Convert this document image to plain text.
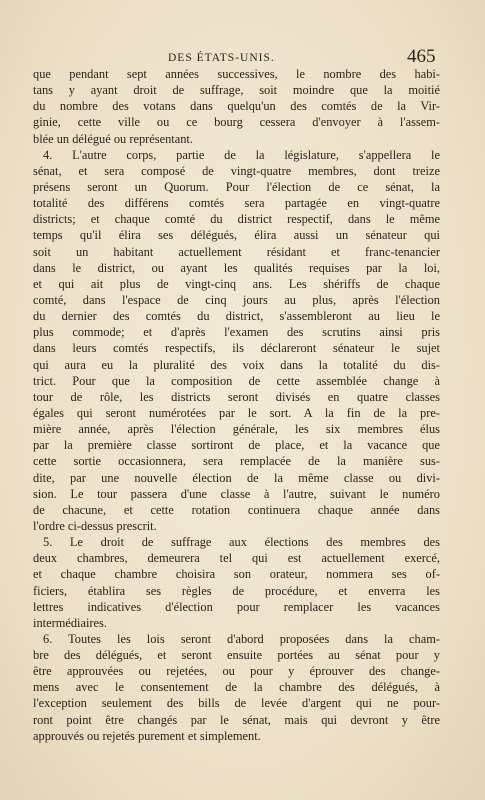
DES ÉTATS-UNIS.	465
que pendant sept années successives, le nombre des habi-
tans y ayant droit de suffrage, soit moindre que la moitié
du nombre des votans dans quelqu'un des comtés de la Vir-
ginie, cette ville ou ce bourg cessera d'envoyer à l'assem-
blée un délégué ou représentant.
4. L'autre corps, partie de la législature, s'appellera le
sénat, et sera composé de vingt-quatre membres, dont treize
présens seront un Quorum. Pour l'élection de ce sénat, la
totalité des différens comtés sera partagée en vingt-quatre
districts; et chaque comté du district respectif, dans le même
temps qu'il élira ses délégués, élira aussi un sénateur qui
soit un habitant actuellement résidant et franc-tenancier
dans le district, ou ayant les qualités requises par la loi,
et qui ait plus de vingt-cinq ans. Les shériffs de chaque
comté, dans l'espace de cinq jours au plus, après l'élection
du dernier des comtés du district, s'assembleront au lieu le
plus commode; et d'après l'examen des scrutins ainsi pris
dans leurs comtés respectifs, ils déclareront sénateur le sujet
qui aura eu la pluralité des voix dans la totalité du dis-
trict. Pour que la composition de cette assemblée change à
tour de rôle, les districts seront divisés en quatre classes
égales qui seront numérotées par le sort. A la fin de la pre-
mière année, après l'élection générale, les six membres élus
par la première classe sortiront de place, et la vacance que
cette sortie occasionnera, sera remplacée de la manière sus-
dite, par une nouvelle élection de la même classe ou divi-
sion. Le tour passera d'une classe à l'autre, suivant le numéro
de chacune, et cette rotation continuera chaque année dans
l'ordre ci-dessus prescrit.
5. Le droit de suffrage aux élections des membres des
deux chambres, demeurera tel qui est actuellement exercé,
et chaque chambre choisira son orateur, nommera ses of-
ficiers, établira ses règles de procédure, et enverra les
lettres indicatives d'élection pour remplacer les vacances
intermédiaires.
6. Toutes les lois seront d'abord proposées dans la cham-
bre des délégués, et seront ensuite portées au sénat pour y
être approuvées ou rejetées, ou pour y éprouver des change-
mens avec le consentement de la chambre des délégués, à
l'exception seulement des bills de levée d'argent qui ne pour-
ront point être changés par le sénat, mais qui devront y être
approuvés ou rejetés purement et simplement.
